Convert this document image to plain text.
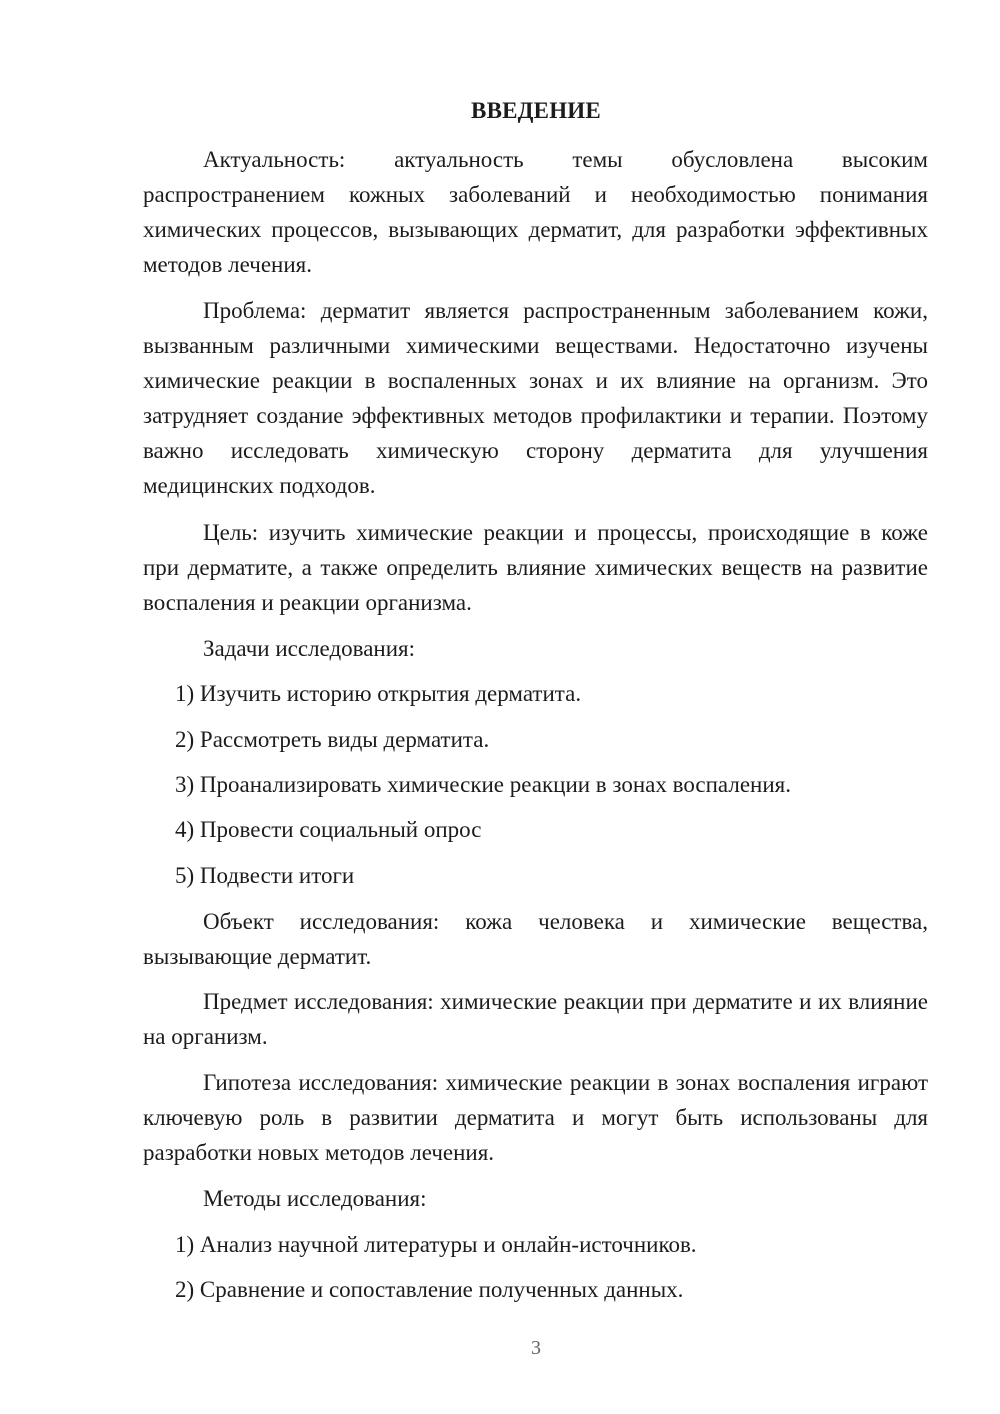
ВВЕДЕНИЕ

Актуальность: актуальность темы обусловлена высоким распространением кожных заболеваний и необходимостью понимания химических процессов, вызывающих дерматит, для разработки эффективных методов лечения.

Проблема: дерматит является распространенным заболеванием кожи, вызванным различными химическими веществами. Недостаточно изучены химические реакции в воспаленных зонах и их влияние на организм. Это затрудняет создание эффективных методов профилактики и терапии. Поэтому важно исследовать химическую сторону дерматита для улучшения медицинских подходов.

Цель: изучить химические реакции и процессы, происходящие в коже при дерматите, а также определить влияние химических веществ на развитие воспаления и реакции организма.

Задачи исследования:

1) Изучить историю открытия дерматита.
2) Рассмотреть виды дерматита.
3) Проанализировать химические реакции в зонах воспаления.
4) Провести социальный опрос
5) Подвести итоги

Объект исследования: кожа человека и химические вещества, вызывающие дерматит.

Предмет исследования: химические реакции при дерматите и их влияние на организм.

Гипотеза исследования: химические реакции в зонах воспаления играют ключевую роль в развитии дерматита и могут быть использованы для разработки новых методов лечения.

Методы исследования:

1) Анализ научной литературы и онлайн-источников.
2) Сравнение и сопоставление полученных данных.
3
